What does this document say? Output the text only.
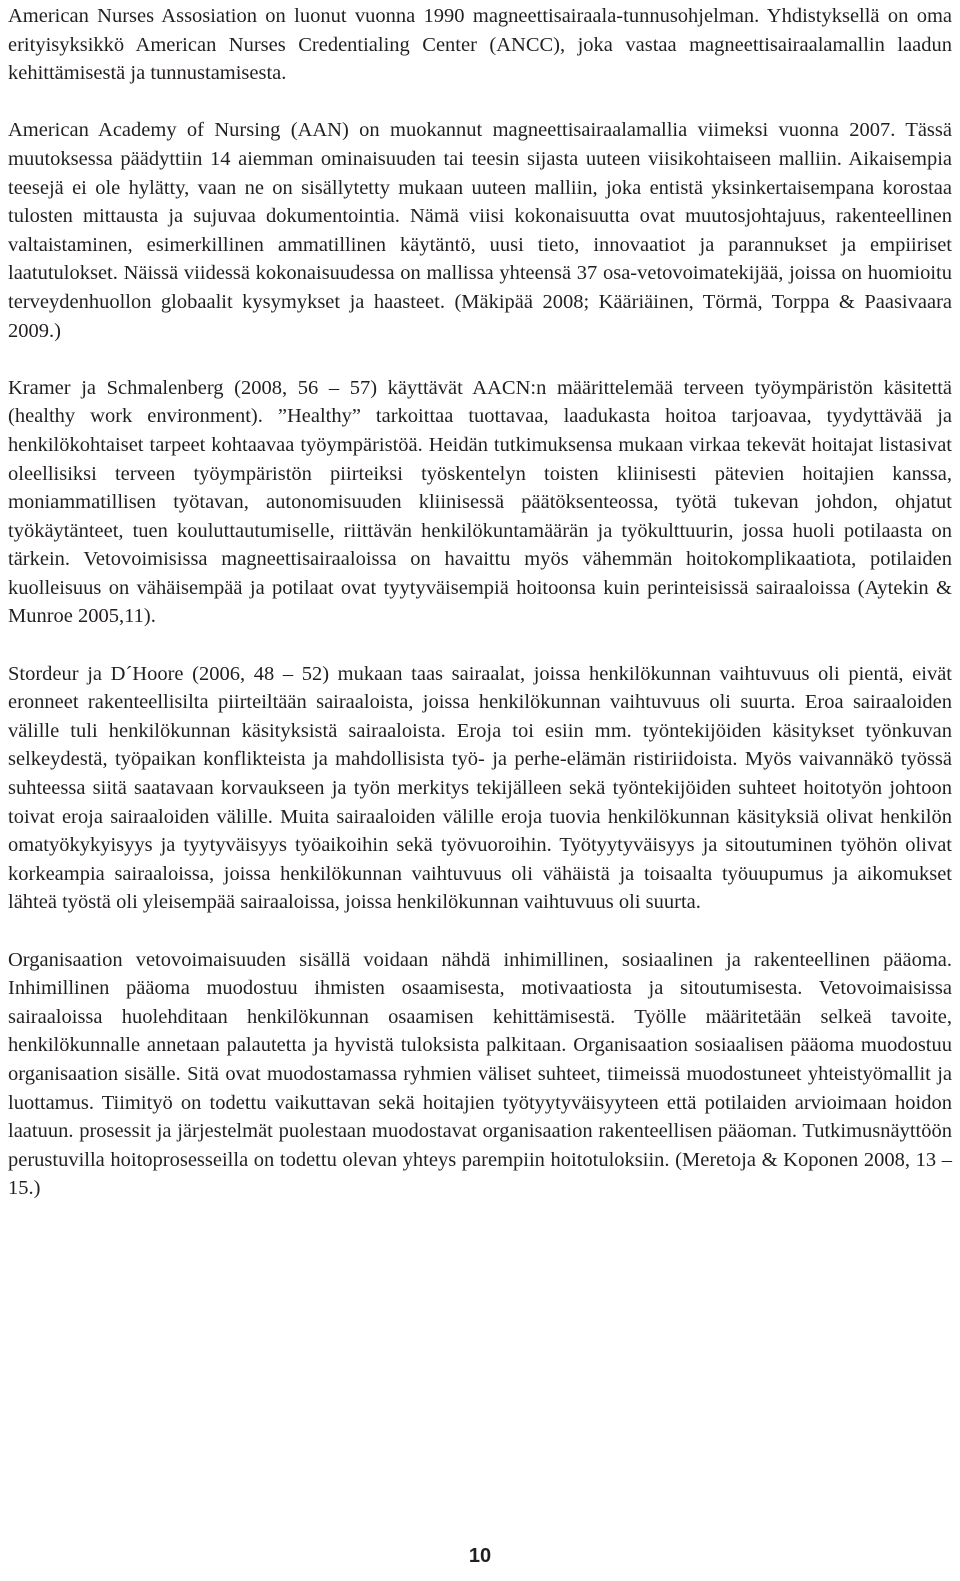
American Nurses Assosiation on luonut vuonna 1990 magneettisairaala-tunnusohjelman. Yhdistyksellä on oma erityisyksikkö American Nurses Credentialing Center (ANCC), joka vastaa magneettisairaalamallin laadun kehittämisestä ja tunnustamisesta.

American Academy of Nursing (AAN) on muokannut magneettisairaalamallia viimeksi vuonna 2007. Tässä muutoksessa päädyttiin 14 aiemman ominaisuuden tai teesin sijasta uuteen viisikohtaiseen malliin. Aikaisempia teesejä ei ole hylätty, vaan ne on sisällytetty mukaan uuteen malliin, joka entistä yksinkertaisempana korostaa tulosten mittausta ja sujuvaa dokumentointia. Nämä viisi kokonaisuutta ovat muutosjohtajuus, rakenteellinen valtaistaminen, esimerkillinen ammatillinen käytäntö, uusi tieto, innovaatiot ja parannukset ja empiiriset laatutulokset. Näissä viidessä kokonaisuudessa on mallissa yhteensä 37 osa-vetovoimatekijää, joissa on huomioitu terveydenhuollon globaalit kysymykset ja haasteet. (Mäkipää 2008; Kääriäinen, Törmä, Torppa & Paasivaara 2009.)

Kramer ja Schmalenberg (2008, 56 – 57) käyttävät AACN:n määrittelemää terveen työympäristön käsitettä (healthy work environment). ”Healthy” tarkoittaa tuottavaa, laadukasta hoitoa tarjoavaa, tyydyttävää ja henkilökohtaiset tarpeet kohtaavaa työympäristöä. Heidän tutkimuksensa mukaan virkaa tekevät hoitajat listasivat oleellisiksi terveen työympäristön piirteiksi työskentelyn toisten kliinisesti pätevien hoitajien kanssa, moniammatillisen työtavan, autonomisuuden kliinisessä päätöksenteossa, työtä tukevan johdon, ohjatut työkäytänteet, tuen kouluttautumiselle, riittävän henkilökuntamäärän ja työkulttuurin, jossa huoli potilaasta on tärkein. Vetovoimisissa magneettisairaaloissa on havaittu myös vähemmän hoitokomplikaatiota, potilaiden kuolleisuus on vähäisempää ja potilaat ovat tyytyväisempiä hoitoonsa kuin perinteisissä sairaaloissa (Aytekin & Munroe 2005,11).

Stordeur ja D´Hoore (2006, 48 – 52) mukaan taas sairaalat, joissa henkilökunnan vaihtuvuus oli pientä, eivät eronneet rakenteellisilta piirteiltään sairaaloista, joissa henkilökunnan vaihtuvuus oli suurta. Eroa sairaaloiden välille tuli henkilökunnan käsityksistä sairaaloista. Eroja toi esiin mm. työntekijöiden käsitykset työnkuvan selkeydestä, työpaikan konflikteista ja mahdollisista työ- ja perhe-elämän ristiriidoista. Myös vaivannäkö työssä suhteessa siitä saatavaan korvaukseen ja työn merkitys tekijälleen sekä työntekijöiden suhteet hoitotyön johtoon toivat eroja sairaaloiden välille. Muita sairaaloiden välille eroja tuovia henkilökunnan käsityksiä olivat henkilön omatyökykyisyys ja tyytyväisyys työaikoihin sekä työvuoroihin. Työtyytyväisyys ja sitoutuminen työhön olivat korkeampia sairaaloissa, joissa henkilökunnan vaihtuvuus oli vähäistä ja toisaalta työuupumus ja aikomukset lähteä työstä oli yleisempää sairaaloissa, joissa henkilökunnan vaihtuvuus oli suurta.

Organisaation vetovoimaisuuden sisällä voidaan nähdä inhimillinen, sosiaalinen ja rakenteellinen pääoma. Inhimillinen pääoma muodostuu ihmisten osaamisesta, motivaatiosta ja sitoutumisesta. Vetovoimaisissa sairaaloissa huolehditaan henkilökunnan osaamisen kehittämisestä. Työlle määritetään selkeä tavoite, henkilökunnalle annetaan palautetta ja hyvistä tuloksista palkitaan. Organisaation sosiaalisen pääoma muodostuu organisaation sisälle. Sitä ovat muodostamassa ryhmien väliset suhteet, tiimeissä muodostuneet yhteistyömallit ja luottamus. Tiimityö on todettu vaikuttavan sekä hoitajien työtyytyväisyyteen että potilaiden arvioimaan hoidon laatuun. prosessit ja järjestelmät puolestaan muodostavat organisaation rakenteellisen pääoman. Tutkimusnäyttöön perustuvilla hoitoprosesseilla on todettu olevan yhteys parempiin hoitotuloksiin. (Meretoja & Koponen 2008, 13 – 15.)

10
